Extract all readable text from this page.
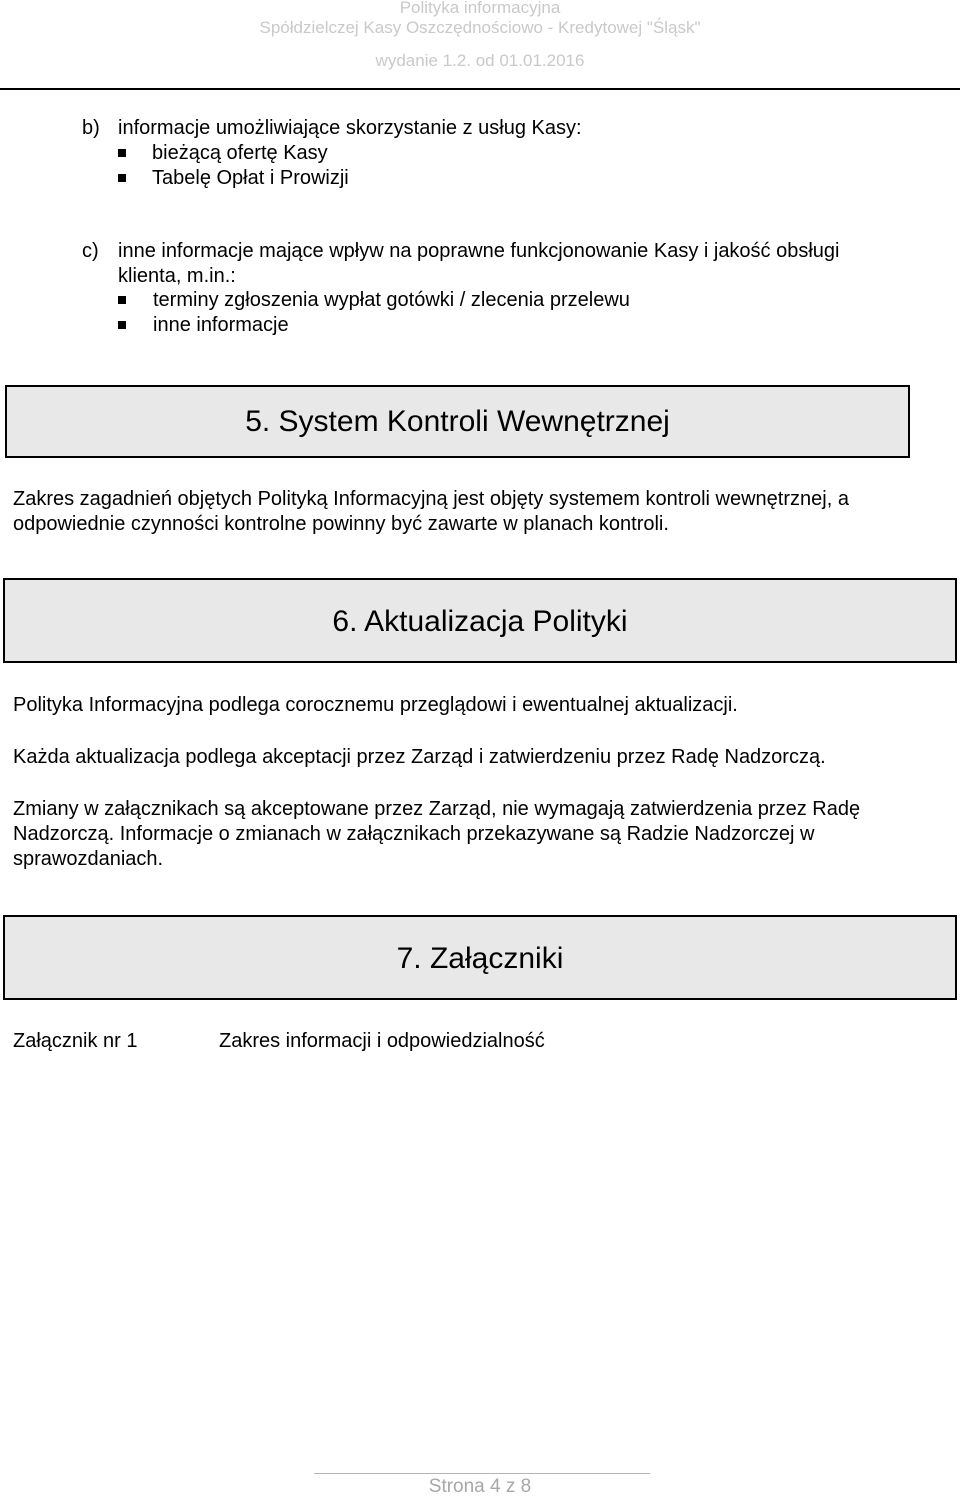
Polityka informacyjna
Spółdzielczej Kasy Oszczędnościowo - Kredytowej "Śląsk"
wydanie 1.2. od 01.01.2016
b) informacje umożliwiające skorzystanie z usług Kasy:
bieżącą ofertę Kasy
Tabelę Opłat i Prowizji
c) inne informacje mające wpływ na poprawne funkcjonowanie Kasy i jakość obsługi
klienta, m.in.:
terminy zgłoszenia wypłat gotówki / zlecenia przelewu
inne informacje
5. System Kontroli Wewnętrznej
Zakres zagadnień objętych Polityką Informacyjną jest objęty systemem kontroli wewnętrznej, a
odpowiednie czynności kontrolne powinny być zawarte w planach kontroli.
6. Aktualizacja Polityki
Polityka Informacyjna podlega corocznemu przeglądowi i ewentualnej aktualizacji.
Każda aktualizacja podlega akceptacji przez Zarząd i zatwierdzeniu przez Radę Nadzorczą.
Zmiany w załącznikach są akceptowane przez Zarząd, nie wymagają zatwierdzenia przez Radę
Nadzorczą. Informacje o zmianach w załącznikach przekazywane są Radzie Nadzorczej w
sprawozdaniach.
7. Załączniki
Załącznik nr 1	Zakres informacji i odpowiedzialność
Strona 4 z 8
